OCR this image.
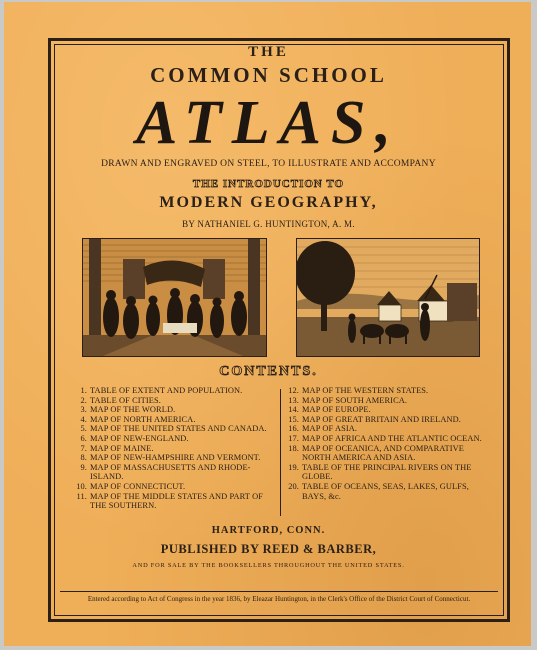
THE
COMMON SCHOOL
ATLAS,
DRAWN AND ENGRAVED ON STEEL, TO ILLUSTRATE AND ACCOMPANY
THE INTRODUCTION TO
MODERN GEOGRAPHY,
BY NATHANIEL G. HUNTINGTON, A. M.
CONTENTS.
1. TABLE OF EXTENT AND POPULATION.
2. TABLE OF CITIES.
3. MAP OF THE WORLD.
4. MAP OF NORTH AMERICA.
5. MAP OF THE UNITED STATES AND CANADA.
6. MAP OF NEW-ENGLAND.
7. MAP OF MAINE.
8. MAP OF NEW-HAMPSHIRE AND VERMONT.
9. MAP OF MASSACHUSETTS AND RHODE-ISLAND.
10. MAP OF CONNECTICUT.
11. MAP OF THE MIDDLE STATES AND PART OF THE SOUTHERN.
12. MAP OF THE WESTERN STATES.
13. MAP OF SOUTH AMERICA.
14. MAP OF EUROPE.
15. MAP OF GREAT BRITAIN AND IRELAND.
16. MAP OF ASIA.
17. MAP OF AFRICA AND THE ATLANTIC OCEAN.
18. MAP OF OCEANICA, AND COMPARATIVE NORTH AMERICA AND ASIA.
19. TABLE OF THE PRINCIPAL RIVERS ON THE GLOBE.
20. TABLE OF OCEANS, SEAS, LAKES, GULFS, BAYS, &c.
HARTFORD, CONN.
PUBLISHED BY REED & BARBER,
AND FOR SALE BY THE BOOKSELLERS THROUGHOUT THE UNITED STATES.
Entered according to Act of Congress in the year 1836, by Eleazar Huntington, in the Clerk's Office of the District Court of Connecticut.
